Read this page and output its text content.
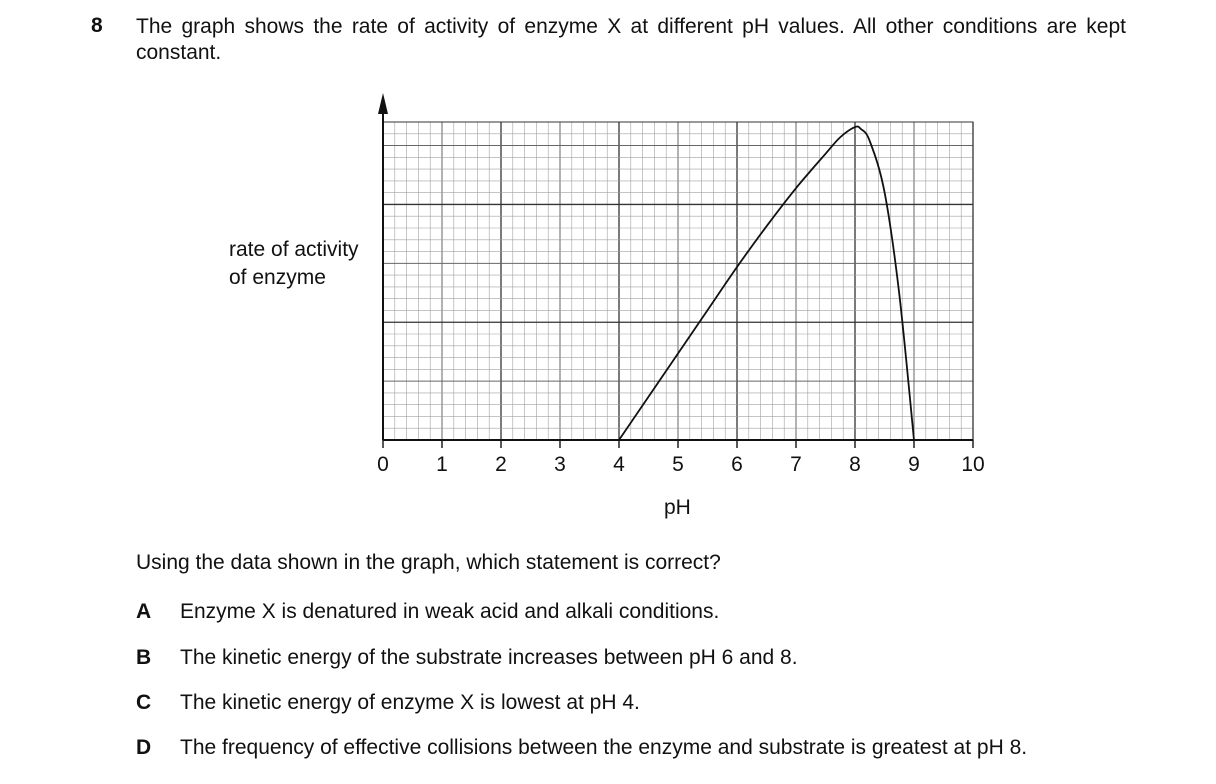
8 The graph shows the rate of activity of enzyme X at different pH values. All other conditions are kept constant.
rate of activity
of enzyme
0 1 2 3 4 5 6 7 8 9 10
pH
Using the data shown in the graph, which statement is correct?
A Enzyme X is denatured in weak acid and alkali conditions.
B The kinetic energy of the substrate increases between pH 6 and 8.
C The kinetic energy of enzyme X is lowest at pH 4.
D The frequency of effective collisions between the enzyme and substrate is greatest at pH 8.
